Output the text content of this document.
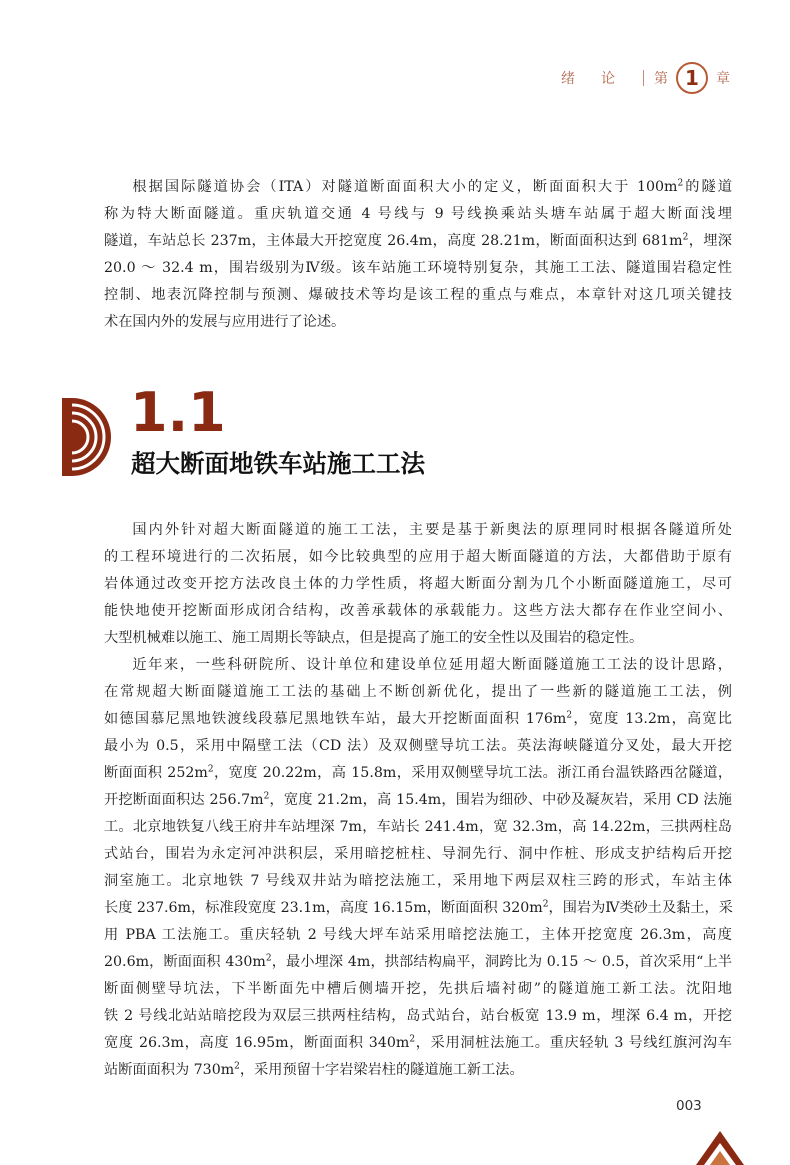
绪论 第 1	章

根据国际隧道协会（ITA）对隧道断面面积大小的定义，断面面积大于 $100m^2$的隧道
称为特大断面隧道。重庆轨道交通 4 号线与 9 号线换乘站头塘车站属于超大断面浅埋
隧道，车站总长 237m，主体最大开挖宽度 26.4m，高度 28.21m，断面面积达到 $681m^2$，埋深
20.0 ～ 32.4 m，围岩级别为Ⅳ级。该车站施工环境特别复杂，其施工工法、隧道围岩稳定性
控制、地表沉降控制与预测、爆破技术等均是该工程的重点与难点，本章针对这几项关键技
术在国内外的发展与应用进行了论述。

1.1
超大断面地铁车站施工工法

国内外针对超大断面隧道的施工工法，主要是基于新奥法的原理同时根据各隧道所处
的工程环境进行的二次拓展，如今比较典型的应用于超大断面隧道的方法，大都借助于原有
岩体通过改变开挖方法改良土体的力学性质，将超大断面分割为几个小断面隧道施工，尽可
能快地使开挖断面形成闭合结构，改善承载体的承载能力。这些方法大都存在作业空间小、
大型机械难以施工、施工周期长等缺点，但是提高了施工的安全性以及围岩的稳定性。

近年来，一些科研院所、设计单位和建设单位延用超大断面隧道施工工法的设计思路，
在常规超大断面隧道施工工法的基础上不断创新优化，提出了一些新的隧道施工工法，例
如德国慕尼黑地铁渡线段慕尼黑地铁车站，最大开挖断面面积 $176m^2$，宽度 13.2m，高宽比
最小为 0.5，采用中隔壁工法（CD 法）及双侧壁导坑工法。英法海峡隧道分叉处，最大开挖
断面面积 $252m^2$，宽度 20.22m，高 15.8m，采用双侧壁导坑工法。浙江甬台温铁路西岔隧道，
开挖断面面积达 $256.7m^2$，宽度 21.2m，高 15.4m，围岩为细砂、中砂及凝灰岩，采用 CD 法施
工。北京地铁复八线王府井车站埋深 7m，车站长 241.4m，宽 32.3m，高 14.22m，三拱两柱岛
式站台，围岩为永定河冲洪积层，采用暗挖桩柱、导洞先行、洞中作桩、形成支护结构后开挖
洞室施工。北京地铁 7 号线双井站为暗挖法施工，采用地下两层双柱三跨的形式，车站主体
长度 237.6m，标准段宽度 23.1m，高度 16.15m，断面面积 $320m^2$，围岩为Ⅳ类砂土及黏土，采
用 PBA 工法施工。重庆轻轨 2 号线大坪车站采用暗挖法施工，主体开挖宽度 26.3m，高度
20.6m，断面面积 $430m^2$，最小埋深 4m，拱部结构扁平，洞跨比为 0.15 ～ 0.5，首次采用“上半
断面侧壁导坑法，下半断面先中槽后侧墙开挖，先拱后墙衬砌”的隧道施工新工法。沈阳地
铁 2 号线北站站暗挖段为双层三拱两柱结构，岛式站台，站台板宽 13.9 m，埋深 6.4 m，开挖
宽度 26.3m，高度 16.95m，断面面积 $340m^2$，采用洞桩法施工。重庆轻轨 3 号线红旗河沟车
站断面面积为 $730m^2$，采用预留十字岩梁岩柱的隧道施工新工法。

003
